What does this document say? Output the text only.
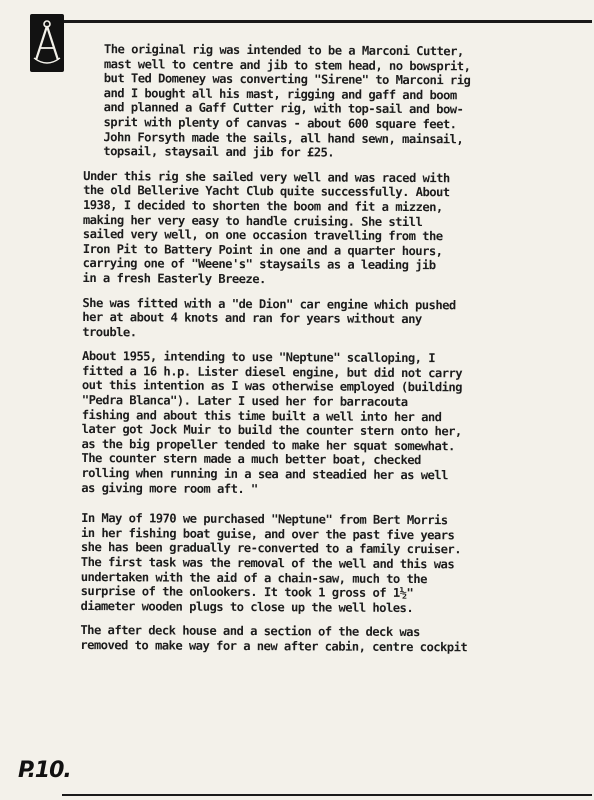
The original rig was intended to be a Marconi Cutter,
mast well to centre and jib to stem head, no bowsprit,
but Ted Domeney was converting "Sirene" to Marconi rig
and I bought all his mast, rigging and gaff and boom
and planned a Gaff Cutter rig, with top-sail and bow-
sprit with plenty of canvas - about 600 square feet.
John Forsyth made the sails, all hand sewn, mainsail,
topsail, staysail and jib for £25.
Under this rig she sailed very well and was raced with
the old Bellerive Yacht Club quite successfully. About
1938, I decided to shorten the boom and fit a mizzen,
making her very easy to handle cruising. She still
sailed very well, on one occasion travelling from the
Iron Pit to Battery Point in one and a quarter hours,
carrying one of "Weene's" staysails as a leading jib
in a fresh Easterly Breeze.
She was fitted with a "de Dion" car engine which pushed
her at about 4 knots and ran for years without any
trouble.
About 1955, intending to use "Neptune" scalloping, I
fitted a 16 h.p. Lister diesel engine, but did not carry
out this intention as I was otherwise employed (building
"Pedra Blanca"). Later I used her for barracouta
fishing and about this time built a well into her and
later got Jock Muir to build the counter stern onto her,
as the big propeller tended to make her squat somewhat.
The counter stern made a much better boat, checked
rolling when running in a sea and steadied her as well
as giving more room aft. "
In May of 1970 we purchased "Neptune" from Bert Morris
in her fishing boat guise, and over the past five years
she has been gradually re-converted to a family cruiser.
The first task was the removal of the well and this was
undertaken with the aid of a chain-saw, much to the
surprise of the onlookers. It took 1 gross of 1½"
diameter wooden plugs to close up the well holes.
The after deck house and a section of the deck was
removed to make way for a new after cabin, centre cockpit
P.10.
